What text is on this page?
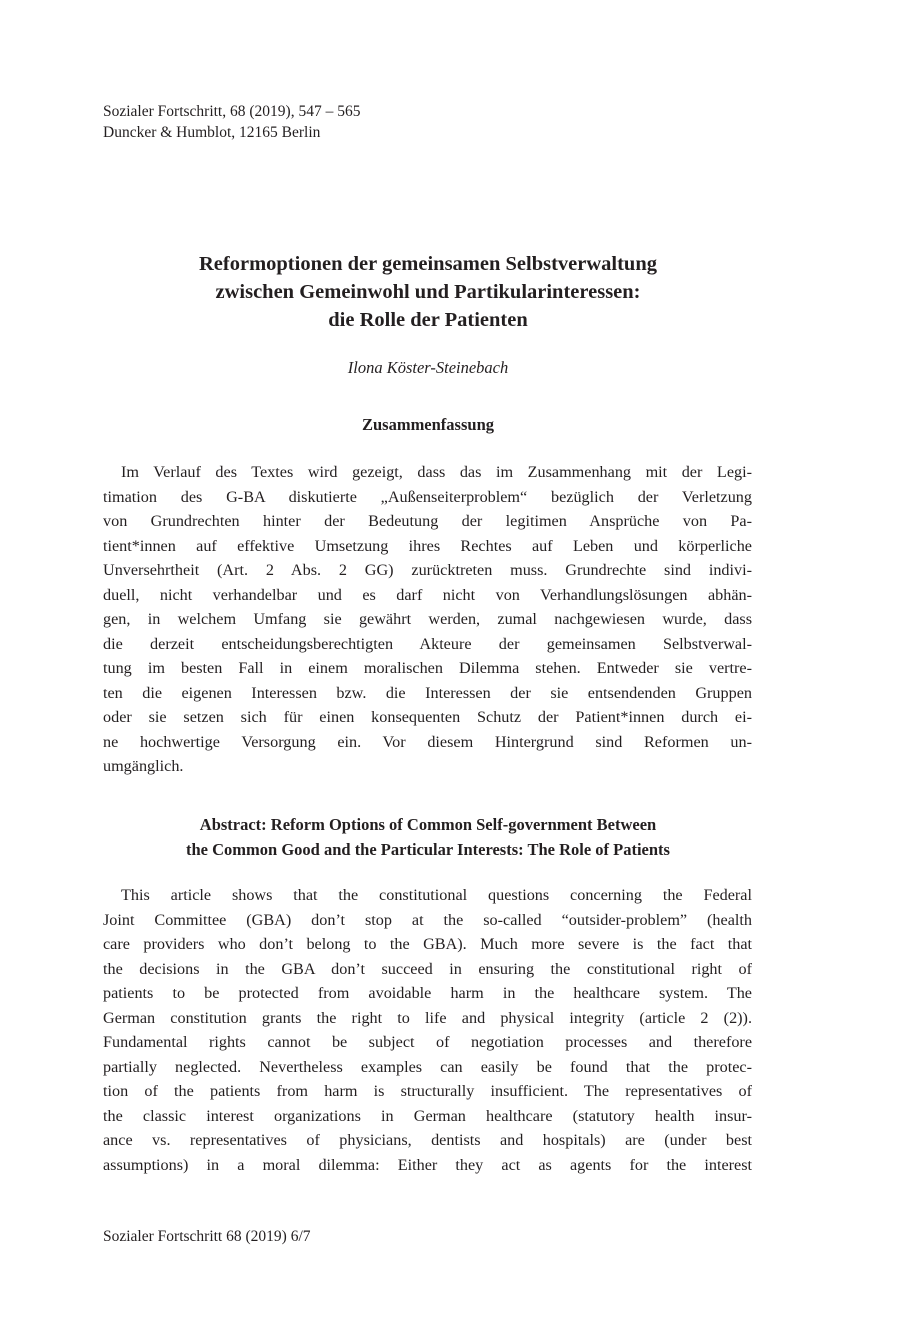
Sozialer Fortschritt, 68 (2019), 547 – 565
Duncker & Humblot, 12165 Berlin
Reformoptionen der gemeinsamen Selbstverwaltung
zwischen Gemeinwohl und Partikularinteressen:
die Rolle der Patienten
Ilona Köster-Steinebach
Zusammenfassung
Im Verlauf des Textes wird gezeigt, dass das im Zusammenhang mit der Legi-
timation des G-BA diskutierte „Außenseiterproblem“ bezüglich der Verletzung
von Grundrechten hinter der Bedeutung der legitimen Ansprüche von Pa-
tient*innen auf effektive Umsetzung ihres Rechtes auf Leben und körperliche
Unversehrtheit (Art. 2 Abs. 2 GG) zurücktreten muss. Grundrechte sind indivi-
duell, nicht verhandelbar und es darf nicht von Verhandlungslösungen abhän-
gen, in welchem Umfang sie gewährt werden, zumal nachgewiesen wurde, dass
die derzeit entscheidungsberechtigten Akteure der gemeinsamen Selbstverwal-
tung im besten Fall in einem moralischen Dilemma stehen. Entweder sie vertre-
ten die eigenen Interessen bzw. die Interessen der sie entsendenden Gruppen
oder sie setzen sich für einen konsequenten Schutz der Patient*innen durch ei-
ne hochwertige Versorgung ein. Vor diesem Hintergrund sind Reformen un-
umgänglich.
Abstract: Reform Options of Common Self-government Between
the Common Good and the Particular Interests: The Role of Patients
This article shows that the constitutional questions concerning the Federal
Joint Committee (GBA) don’t stop at the so-called “outsider-problem” (health
care providers who don’t belong to the GBA). Much more severe is the fact that
the decisions in the GBA don’t succeed in ensuring the constitutional right of
patients to be protected from avoidable harm in the healthcare system. The
German constitution grants the right to life and physical integrity (article 2 (2)).
Fundamental rights cannot be subject of negotiation processes and therefore
partially neglected. Nevertheless examples can easily be found that the protec-
tion of the patients from harm is structurally insufficient. The representatives of
the classic interest organizations in German healthcare (statutory health insur-
ance vs. representatives of physicians, dentists and hospitals) are (under best
assumptions) in a moral dilemma: Either they act as agents for the interest
Sozialer Fortschritt 68 (2019) 6/7
